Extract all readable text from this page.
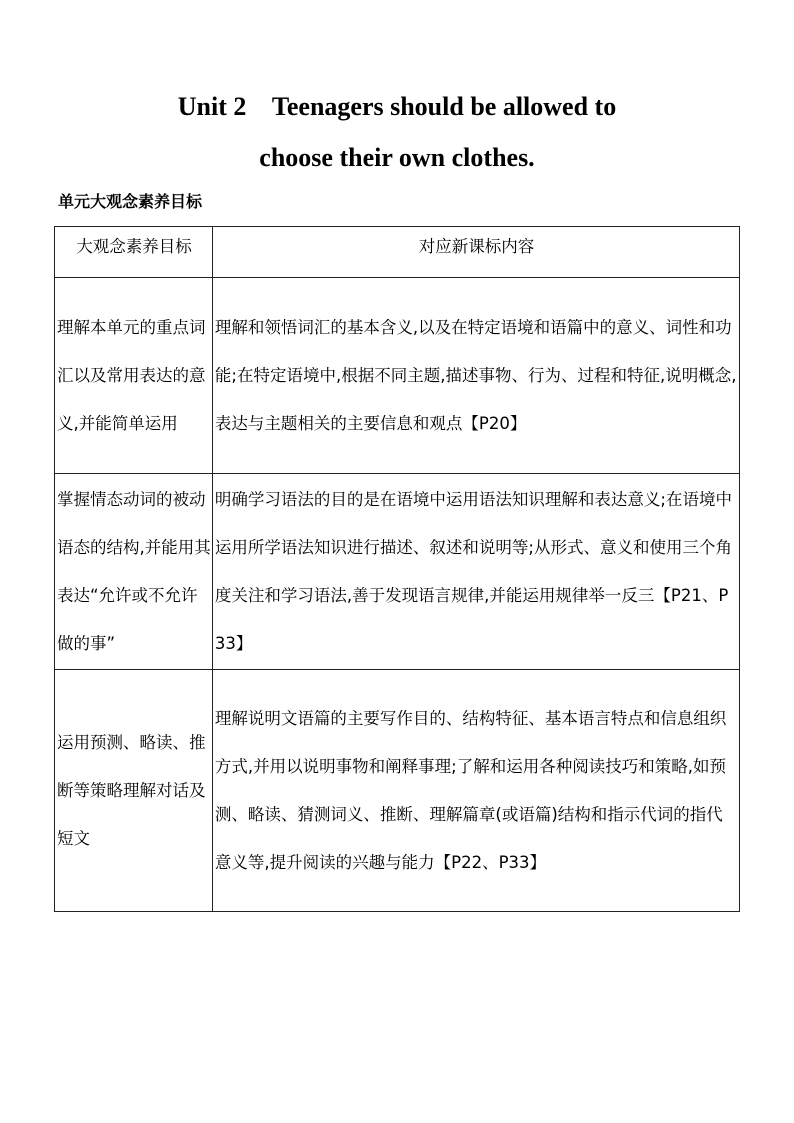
Unit 2    Teenagers should be allowed to
choose their own clothes.
单元大观念素养目标
大观念素养目标	对应新课标内容

理解本单元的重点词汇以及常用表达的意义,并能简单运用	理解和领悟词汇的基本含义,以及在特定语境和语篇中的意义、词性和功能;在特定语境中,根据不同主题,描述事物、行为、过程和特征,说明概念,表达与主题相关的主要信息和观点【P20】

掌握情态动词的被动语态的结构,并能用其表达“允许或不允许做的事”	明确学习语法的目的是在语境中运用语法知识理解和表达意义;在语境中运用所学语法知识进行描述、叙述和说明等;从形式、意义和使用三个角度关注和学习语法,善于发现语言规律,并能运用规律举一反三【P21、P33】

运用预测、略读、推断等策略理解对话及短文	理解说明文语篇的主要写作目的、结构特征、基本语言特点和信息组织方式,并用以说明事物和阐释事理;了解和运用各种阅读技巧和策略,如预测、略读、猜测词义、推断、理解篇章(或语篇)结构和指示代词的指代意义等,提升阅读的兴趣与能力【P22、P33】
